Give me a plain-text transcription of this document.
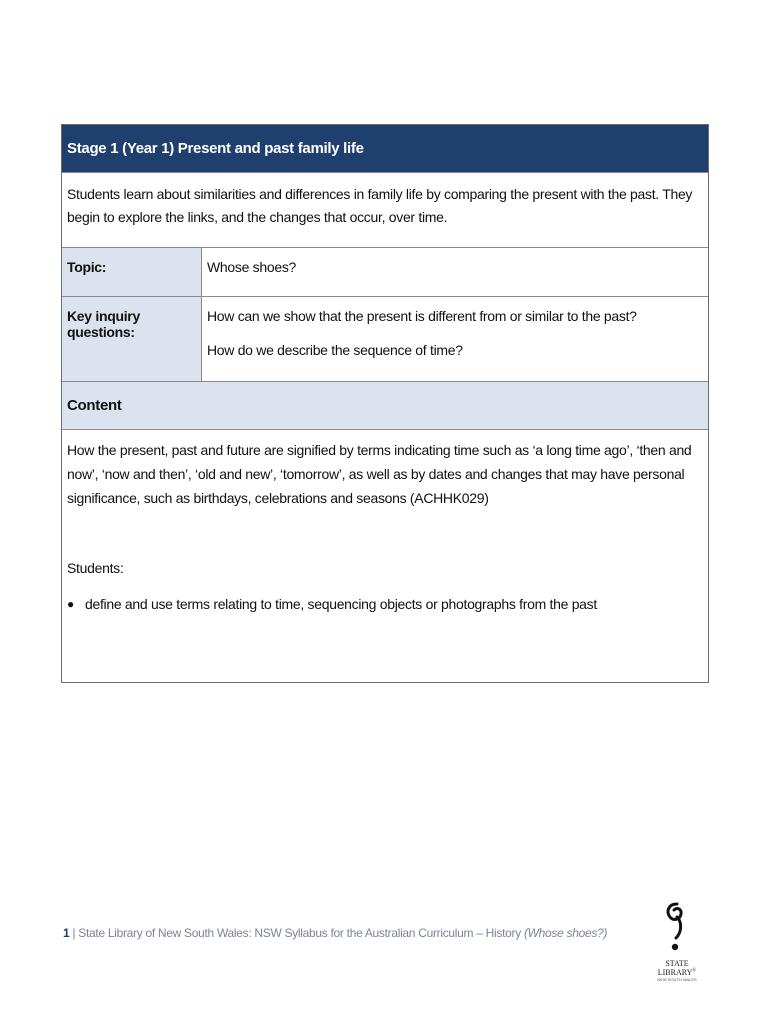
Stage 1 (Year 1) Present and past family life
Students learn about similarities and differences in family life by comparing the present with the past. They begin to explore the links, and the changes that occur, over time.
Topic:	Whose shoes?
Key inquiry questions:
How can we show that the present is different from or similar to the past?
How do we describe the sequence of time?
Content
How the present, past and future are signified by terms indicating time such as ‘a long time ago’, ‘then and now’, ‘now and then’, ‘old and new’, ‘tomorrow’, as well as by dates and changes that may have personal significance, such as birthdays, celebrations and seasons (ACHHK029)
Students:
● define and use terms relating to time, sequencing objects or photographs from the past
1 | State Library of New South Wales: NSW Syllabus for the Australian Curriculum – History (Whose shoes?)
STATE LIBRARY®
NEW SOUTH WALES
